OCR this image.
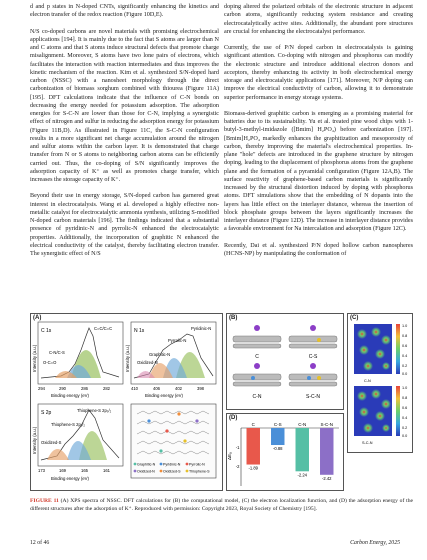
d and p states in N-doped CNTs, significantly enhancing the kinetics and electron transfer of the redox reaction (Figure 10D,E).

N/S co-doped carbons are novel materials with promising electrochemical applications [194]. It is mainly due to the fact that S atoms are larger than N and C atoms and that S atoms induce structural defects that promote charge misalignment. Moreover, S atoms have two lone pairs of electrons, which facilitates the interaction with reaction intermediates and thus improves the kinetic mechanism of the reaction. Kim et al. synthesized S/N-doped hard carbon (NSSC) with a nanosheet morphology through the direct carbonization of biomass sorghum combined with thiourea (Figure 11A) [195]. DFT calculations indicate that the influence of C-N bonds on decreasing the energy needed for potassium adsorption. The adsorption energies for S-C-N are lower than those for C-N, implying a synergistic effect of nitrogen and sulfur in reducing the adsorption energy for potassium (Figure 11B,D). As illustrated in Figure 11C, the S-C-N configuration results in a more significant net charge accumulation around the nitrogen and sulfur atoms within the carbon layer. It is demonstrated that charge transfer from N or S atoms to neighboring carbon atoms can be efficiently carried out. Thus, the co-doping of S/N significantly improves the adsorption capacity of K⁺ as well as promotes charge transfer, which increases the storage capacity of K⁺.

Beyond their use in energy storage, S/N-doped carbon has garnered great interest in electrocatalysis. Wang et al. developed a highly effective non-metallic catalyst for electrocatalytic ammonia synthesis, utilizing S-modified N-doped carbon materials [196]. The findings indicated that a substantial presence of pyridinic-N and pyrrolic-N enhanced the electrocatalytic properties. Additionally, the incorporation of graphitic N enhanced the electrical conductivity of the catalyst, thereby facilitating electron transfer. The synergistic effect of N/S

doping altered the polarized orbitals of the electronic structure in adjacent carbon atoms, significantly reducing system resistance and creating electrocatalytically active sites. Additionally, the abundant pore structures are crucial for enhancing the electrocatalyst performance.

Currently, the use of P/N doped carbon in electrocatalysis is gaining significant attention. Co-doping with nitrogen and phosphorus can modify the electronic structure and introduce additional electron donors and acceptors, thereby enhancing its activity in both electrochemical energy storage and electrocatalytic applications [171]. Moreover, N/P doping can improve the electrical conductivity of carbon, allowing it to demonstrate superior performance in energy storage systems.

Biomass-derived graphitic carbon is emerging as a promising material for batteries due to its sustainability. Yu et al. treated pine wood chips with 1-butyl-3-methyl-imidazole ([Bmim] H₂PO₄) before carbonization [197]. [Bmim]H₂PO₄ markedly enhances the graphitization and mesoporosity of carbon, thereby improving the material's electrochemical properties. In-plane "hole" defects are introduced in the graphene structure by nitrogen doping, leading to the displacement of phosphorus atoms from the graphene plane and the formation of a pyramidal configuration (Figure 12A,B). The surface reactivity of graphene-based carbon materials is significantly increased by the structural distortion induced by doping with phosphorus atoms. DFT simulations show that the embedding of N dopants into the layers has little effect on the interlayer distance, whereas the insertion of block phosphate groups between the layers significantly increases the interlayer distance (Figure 12D). The increase in interlayer distance provides a favorable environment for Na intercalation and adsorption (Figure 12C).

Recently, Dai et al. synthesized P/N doped hollow carbon nanospheres (HCNS-NP) by manipulating the conformation of

(A)
C 1s	C=C/C=C
C-N/C-S
O-C=O
294	290	286	282
Binding energy (eV)
N 1s	Pyridinic-N
Pyrrolic-N
Graphitic-N
Oxidized-N
410	406	402	398
Binding energy (eV)
S 2p	Thiophene-S 2p₃/₂
Thiophene-S 2p₁/₂
Oxidized-S
173	169	165	161
Binding energy (eV)
Intensity (a.u.)	Intensity (a.u.)
Intensity (a.u.)
Graphitic-N Pyridinic-N Pyrrolic-N
Oxidized-N Oxidized-S Thiophene-S
(B)
C	C-S
C-N	S-C-N
(C)
1.0
0.8
0.6
0.4
0.2
0.0
1.0
0.8
0.6
0.4
0.2
0.0
C-N
S-C-N
(D)
ΔEₐ
-1
-2
C
-1.89
C-S
-0.88
C-N
-2.24
S-C-N
-2.42
FIGURE 11 (A) XPS spectra of NSSC. DFT calculations for (B) the computational model, (C) the electron localization function, and (D) the adsorption energy of the different structures after the adsorption of K⁺. Reproduced with permission: Copyright 2023, Royal Society of Chemistry [195].
12 of 46	Carbon Energy, 2025
